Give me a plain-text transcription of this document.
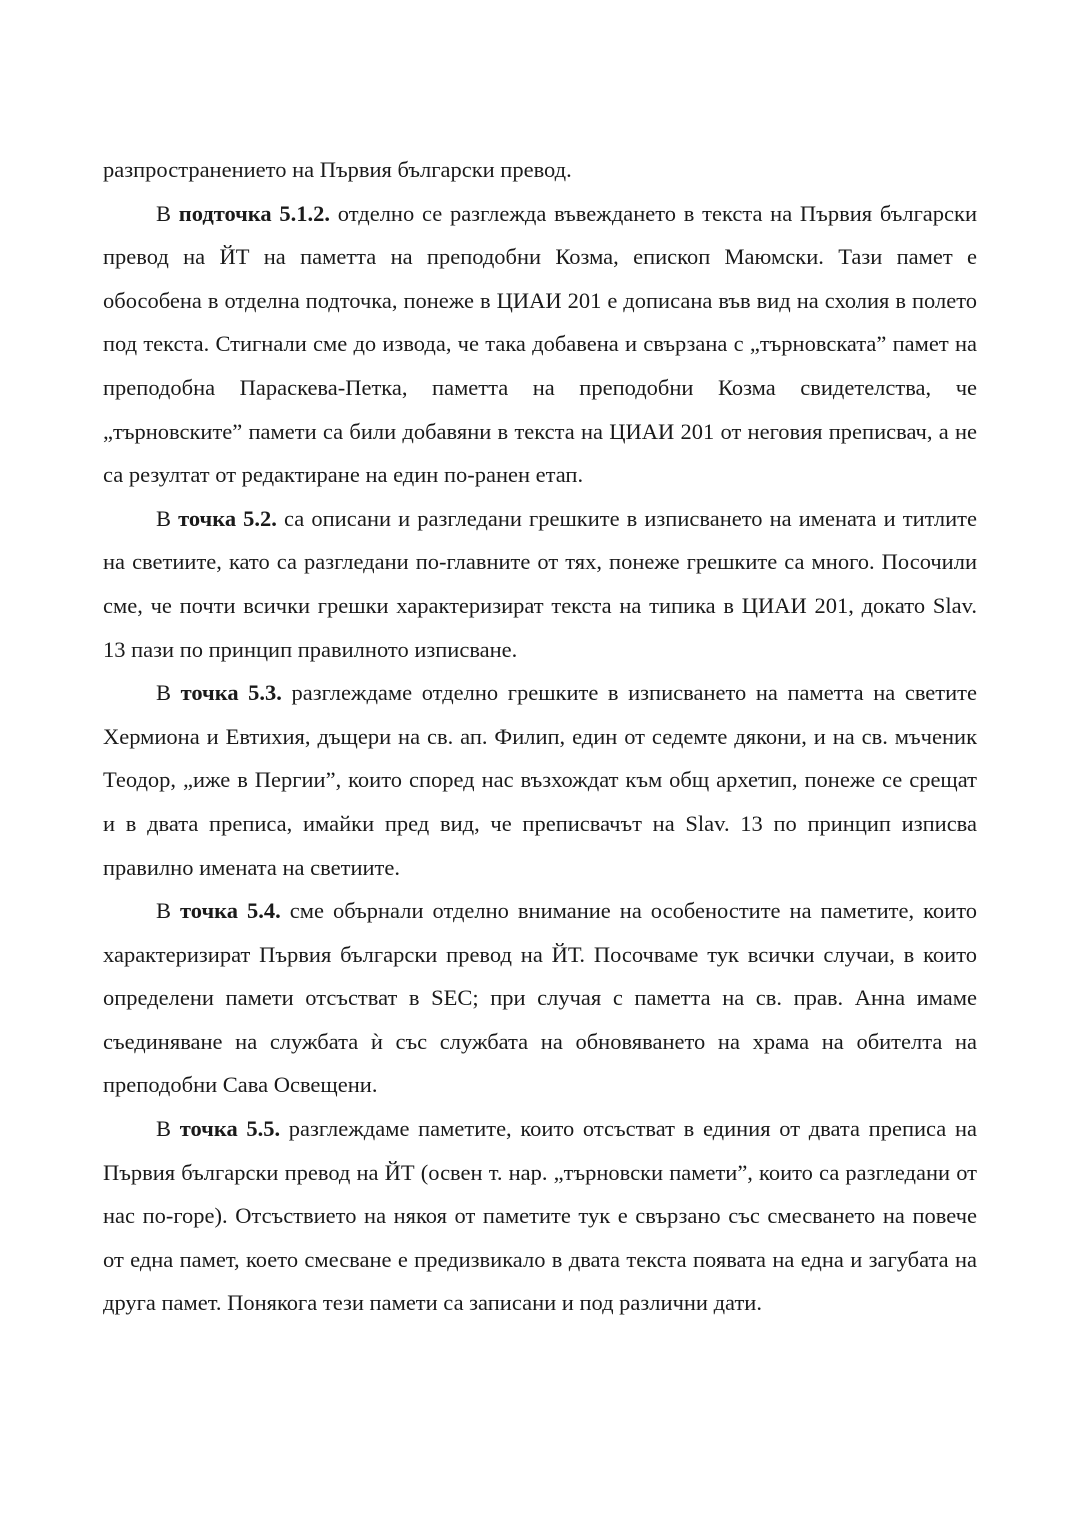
разпространението на Първия български превод.

В подточка 5.1.2. отделно се разглежда въвеждането в текста на Първия български превод на ЙТ на паметта на преподобни Козма, епископ Маюмски. Тази памет е обособена в отделна подточка, понеже в ЦИАИ 201 е дописана във вид на схолия в полето под текста. Стигнали сме до извода, че така добавена и свързана с „търновската” памет на преподобна Параскева-Петка, паметта на преподобни Козма свидетелства, че „търновските” памети са били добавяни в текста на ЦИАИ 201 от неговия преписвач, а не са резултат от редактиране на един по-ранен етап.

В точка 5.2. са описани и разгледани грешките в изписването на имената и титлите на светиите, като са разгледани по-главните от тях, понеже грешките са много. Посочили сме, че почти всички грешки характеризират текста на типика в ЦИАИ 201, докато Slav. 13 пази по принцип правилното изписване.

В точка 5.3. разглеждаме отделно грешките в изписването на паметта на светите Хермиона и Евтихия, дъщери на св. ап. Филип, един от седемте дякони, и на св. мъченик Теодор, „иже в Пергии”, които според нас възхождат към общ архетип, понеже се срещат и в двата преписа, имайки пред вид, че преписвачът на Slav. 13 по принцип изписва правилно имената на светиите.

В точка 5.4. сме обърнали отделно внимание на особеностите на паметите, които характеризират Първия български превод на ЙТ. Посочваме тук всички случаи, в които определени памети отсъстват в SEC; при случая с паметта на св. прав. Анна имаме съединяване на службата ѝ със службата на обновяването на храма на обителта на преподобни Сава Освещени.

В точка 5.5. разглеждаме паметите, които отсъстват в единия от двата преписа на Първия български превод на ЙТ (освен т. нар. „търновски памети”, които са разгледани от нас по-горе). Отсъствието на някоя от паметите тук е свързано със смесването на повече от една памет, което смесване е предизвикало в двата текста появата на една и загубата на друга памет. Понякога тези памети са записани и под различни дати.
